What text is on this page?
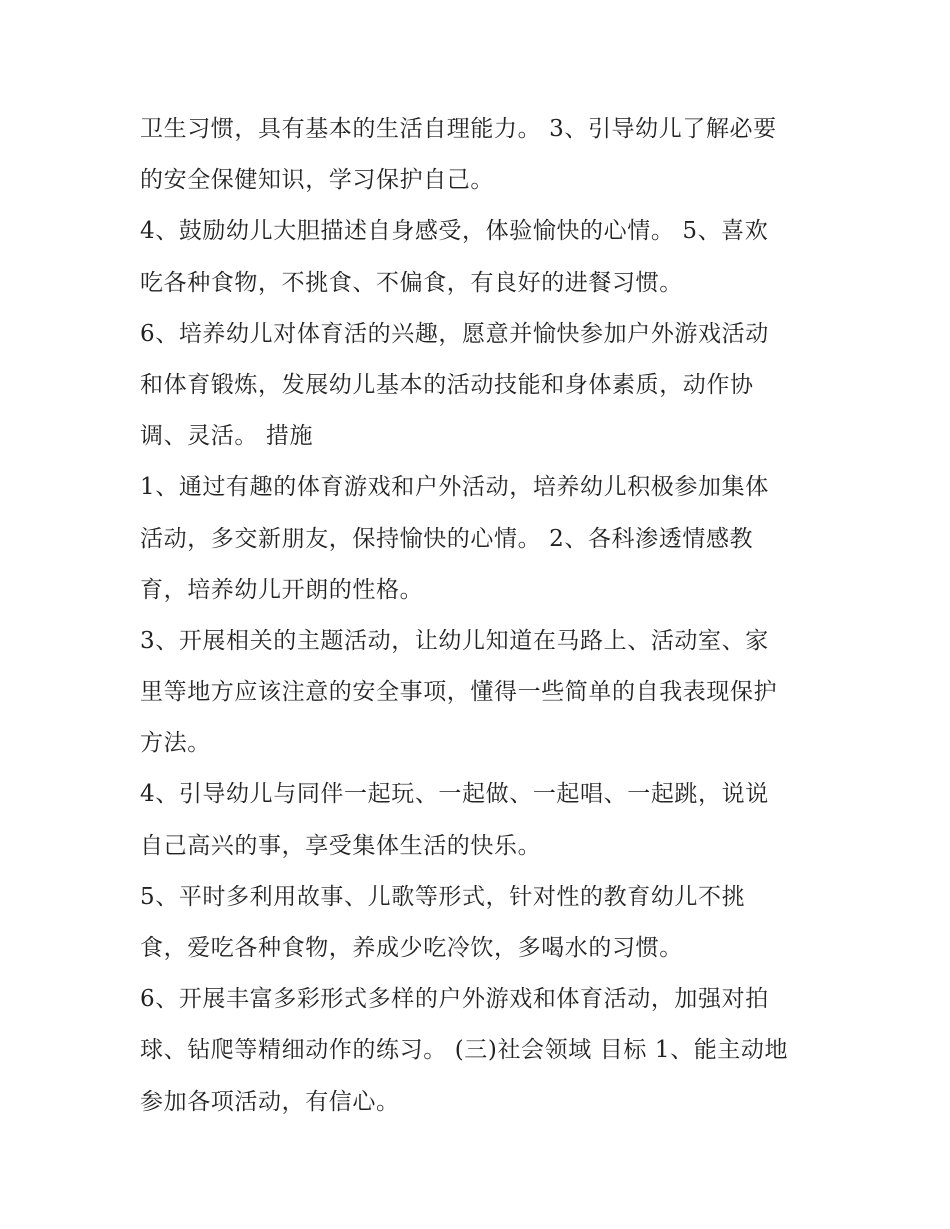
卫生习惯，具有基本的生活自理能力。 3、引导幼儿了解必要
的安全保健知识，学习保护自己。
4、鼓励幼儿大胆描述自身感受，体验愉快的心情。 5、喜欢
吃各种食物，不挑食、不偏食，有良好的进餐习惯。
6、培养幼儿对体育活的兴趣，愿意并愉快参加户外游戏活动
和体育锻炼，发展幼儿基本的活动技能和身体素质，动作协
调、灵活。 措施
1、通过有趣的体育游戏和户外活动，培养幼儿积极参加集体
活动，多交新朋友，保持愉快的心情。 2、各科渗透情感教
育，培养幼儿开朗的性格。
3、开展相关的主题活动，让幼儿知道在马路上、活动室、家
里等地方应该注意的安全事项，懂得一些简单的自我表现保护
方法。
4、引导幼儿与同伴一起玩、一起做、一起唱、一起跳，说说
自己高兴的事，享受集体生活的快乐。
5、平时多利用故事、儿歌等形式，针对性的教育幼儿不挑
食，爱吃各种食物，养成少吃冷饮，多喝水的习惯。
6、开展丰富多彩形式多样的户外游戏和体育活动，加强对拍
球、钻爬等精细动作的练习。 (三)社会领域 目标 1、能主动地
参加各项活动，有信心。
